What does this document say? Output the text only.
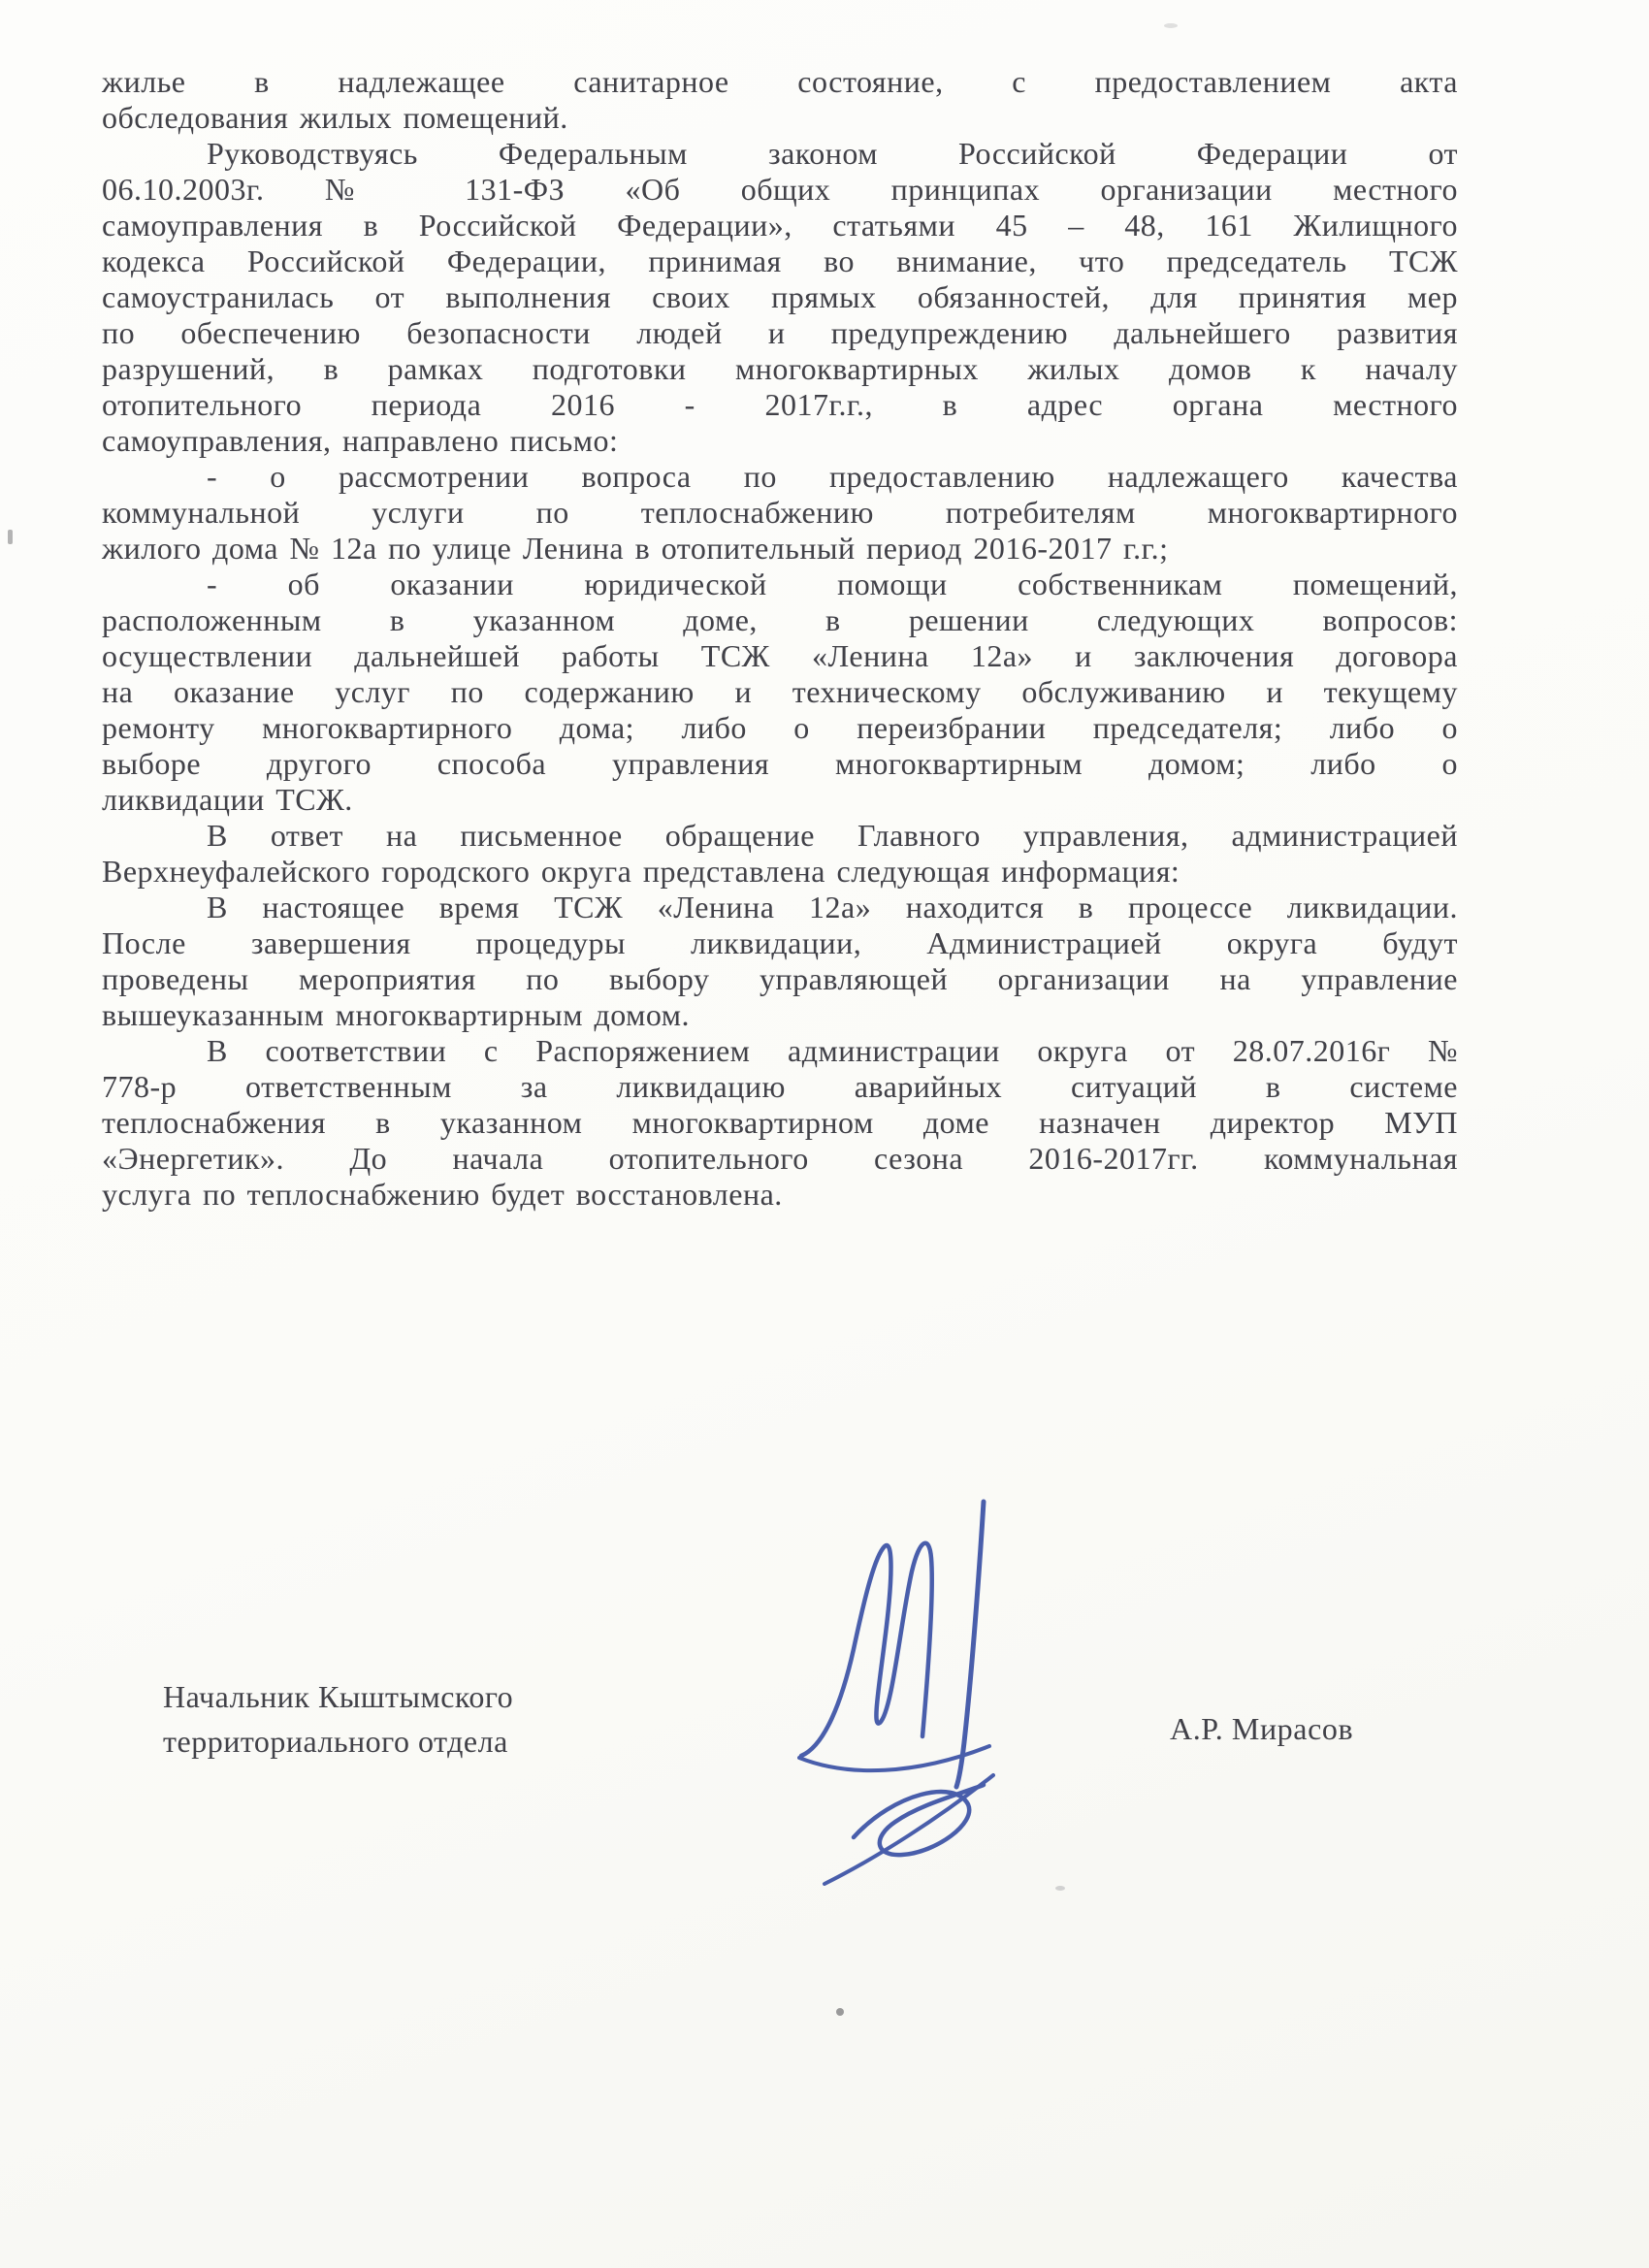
жилье в надлежащее санитарное состояние, с предоставлением акта
обследования жилых помещений.
Руководствуясь Федеральным законом Российской Федерации от
06.10.2003г. № 131-ФЗ «Об общих принципах организации местного
самоуправления в Российской Федерации», статьями 45 – 48, 161 Жилищного
кодекса Российской Федерации, принимая во внимание, что председатель ТСЖ
самоустранилась от выполнения своих прямых обязанностей, для принятия мер
по обеспечению безопасности людей и предупреждению дальнейшего развития
разрушений, в рамках подготовки многоквартирных жилых домов к началу
отопительного периода 2016 - 2017г.г., в адрес органа местного
самоуправления, направлено письмо:
- о рассмотрении вопроса по предоставлению надлежащего качества
коммунальной услуги по теплоснабжению потребителям многоквартирного
жилого дома № 12а по улице Ленина в отопительный период 2016-2017 г.г.;
- об оказании юридической помощи собственникам помещений,
расположенным в указанном доме, в решении следующих вопросов:
осуществлении дальнейшей работы ТСЖ «Ленина 12а» и заключения договора
на оказание услуг по содержанию и техническому обслуживанию и текущему
ремонту многоквартирного дома; либо о переизбрании председателя; либо о
выборе другого способа управления многоквартирным домом; либо о
ликвидации ТСЖ.
В ответ на письменное обращение Главного управления, администрацией
Верхнеуфалейского городского округа представлена следующая информация:
В настоящее время ТСЖ «Ленина 12а» находится в процессе ликвидации.
После завершения процедуры ликвидации, Администрацией округа будут
проведены мероприятия по выбору управляющей организации на управление
вышеуказанным многоквартирным домом.
В соответствии с Распоряжением администрации округа от 28.07.2016г №
778-р ответственным за ликвидацию аварийных ситуаций в системе
теплоснабжения в указанном многоквартирном доме назначен директор МУП
«Энергетик». До начала отопительного сезона 2016-2017гг. коммунальная
услуга по теплоснабжению будет восстановлена.
Начальник Кыштымского
территориального отдела	А.Р. Мирасов
